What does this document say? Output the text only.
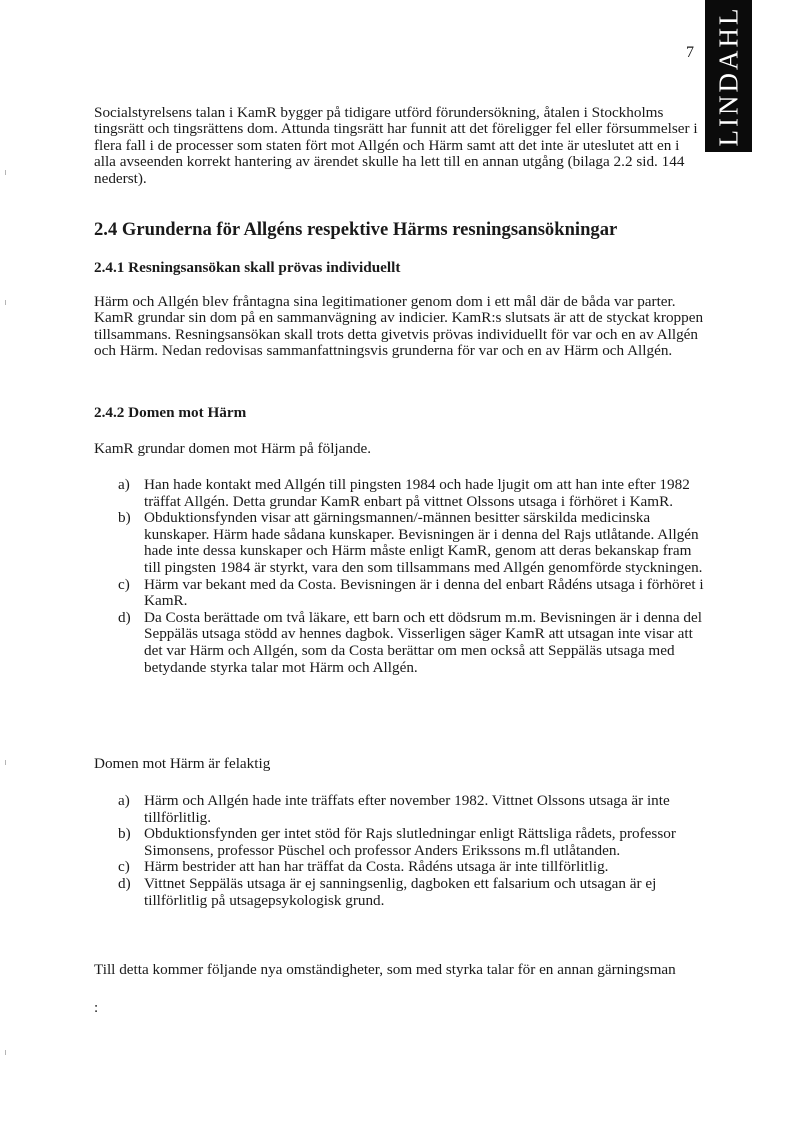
7 LINDAHL

Socialstyrelsens talan i KamR bygger på tidigare utförd förundersökning, åtalen i Stockholms tingsrätt och tingsrättens dom. Attunda tingsrätt har funnit att det föreligger fel eller försummelser i flera fall i de processer som staten fört mot Allgén och Härm samt att det inte är uteslutet att en i alla avseenden korrekt hantering av ärendet skulle ha lett till en annan utgång (bilaga 2.2 sid. 144 nederst).

2.4 Grunderna för Allgéns respektive Härms resningsansökningar
2.4.1 Resningsansökan skall prövas individuellt

Härm och Allgén blev fråntagna sina legitimationer genom dom i ett mål där de båda var parter. KamR grundar sin dom på en sammanvägning av indicier. KamR:s slutsats är att de styckat kroppen tillsammans. Resningsansökan skall trots detta givetvis prövas individuellt för var och en av Allgén och Härm. Nedan redovisas sammanfattningsvis grunderna för var och en av Härm och Allgén.

2.4.2 Domen mot Härm

KamR grundar domen mot Härm på följande.

a) Han hade kontakt med Allgén till pingsten 1984 och hade ljugit om att han inte efter 1982 träffat Allgén. Detta grundar KamR enbart på vittnet Olssons utsaga i förhöret i KamR.
b) Obduktionsfynden visar att gärningsmannen/-männen besitter särskilda medicinska kunskaper. Härm hade sådana kunskaper. Bevisningen är i denna del Rajs utlåtande. Allgén hade inte dessa kunskaper och Härm måste enligt KamR, genom att deras bekanskap fram till pingsten 1984 är styrkt, vara den som tillsammans med Allgén genomförde styckningen.
c) Härm var bekant med da Costa. Bevisningen är i denna del enbart Rådéns utsaga i förhöret i KamR.
d) Da Costa berättade om två läkare, ett barn och ett dödsrum m.m. Bevisningen är i denna del Seppäläs utsaga stödd av hennes dagbok. Visserligen säger KamR att utsagan inte visar att det var Härm och Allgén, som da Costa berättar om men också att Seppäläs utsaga med betydande styrka talar mot Härm och Allgén.

Domen mot Härm är felaktig

a) Härm och Allgén hade inte träffats efter november 1982. Vittnet Olssons utsaga är inte tillförlitlig.
b) Obduktionsfynden ger intet stöd för Rajs slutledningar enligt Rättsliga rådets, professor Simonsens, professor Püschel och professor Anders Erikssons m.fl utlåtanden.
c) Härm bestrider att han har träffat da Costa. Rådéns utsaga är inte tillförlitlig.
d) Vittnet Seppäläs utsaga är ej sanningsenlig, dagboken ett falsarium och utsagan är ej tillförlitlig på utsagepsykologisk grund.

Till detta kommer följande nya omständigheter, som med styrka talar för en annan gärningsman

:
